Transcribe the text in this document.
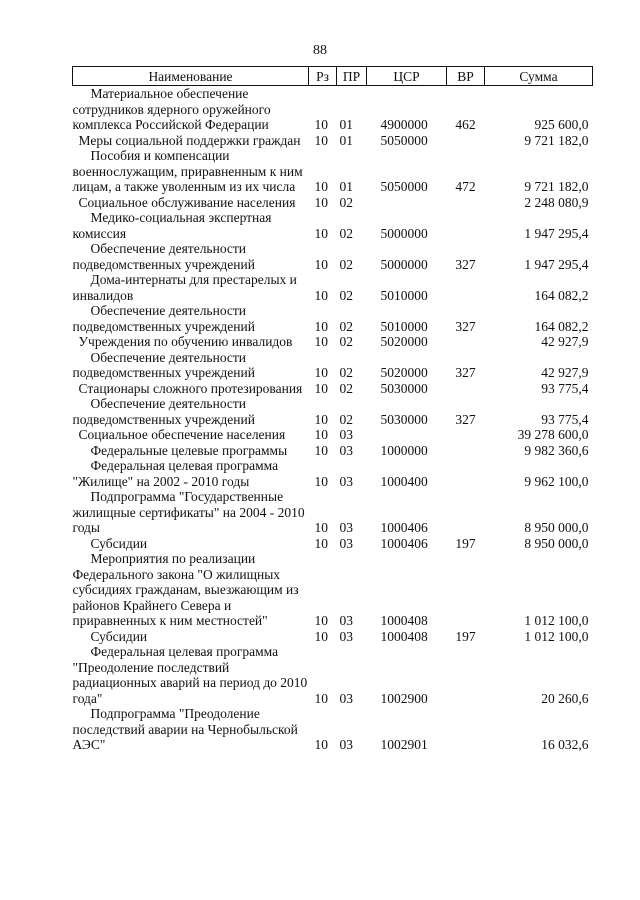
88
Наименование	Рз	ПР	ЦСР	ВР	Сумма

Материальное обеспечение сотрудников ядерного оружейного комплекса Российской Федерации	10	01	4900000	462	925 600,0

Меры социальной поддержки граждан	10	01	5050000		9 721 182,0

Пособия и компенсации военнослужащим, приравненным к ним лицам, а также уволенным из их числа	10	01	5050000	472	9 721 182,0

Социальное обслуживание населения	10	02			2 248 080,9

Медико-социальная экспертная комиссия	10	02	5000000		1 947 295,4

Обеспечение деятельности подведомственных учреждений	10	02	5000000	327	1 947 295,4

Дома-интернаты для престарелых и инвалидов	10	02	5010000		164 082,2

Обеспечение деятельности подведомственных учреждений	10	02	5010000	327	164 082,2

Учреждения по обучению инвалидов	10	02	5020000		42 927,9

Обеспечение деятельности подведомственных учреждений	10	02	5020000	327	42 927,9

Стационары сложного протезирования	10	02	5030000		93 775,4

Обеспечение деятельности подведомственных учреждений	10	02	5030000	327	93 775,4

Социальное обеспечение населения	10	03			39 278 600,0

Федеральные целевые программы	10	03	1000000		9 982 360,6

Федеральная целевая программа "Жилище" на 2002 - 2010 годы	10	03	1000400		9 962 100,0

Подпрограмма "Государственные жилищные сертификаты" на 2004 - 2010 годы	10	03	1000406		8 950 000,0

Субсидии	10	03	1000406	197	8 950 000,0

Мероприятия по реализации Федерального закона "О жилищных субсидиях гражданам, выезжающим из районов Крайнего Севера и приравненных к ним местностей"	10	03	1000408		1 012 100,0

Субсидии	10	03	1000408	197	1 012 100,0

Федеральная целевая программа "Преодоление последствий радиационных аварий на период до 2010 года"	10	03	1002900		20 260,6

Подпрограмма "Преодоление последствий аварии на Чернобыльской АЭС"	10	03	1002901		16 032,6
